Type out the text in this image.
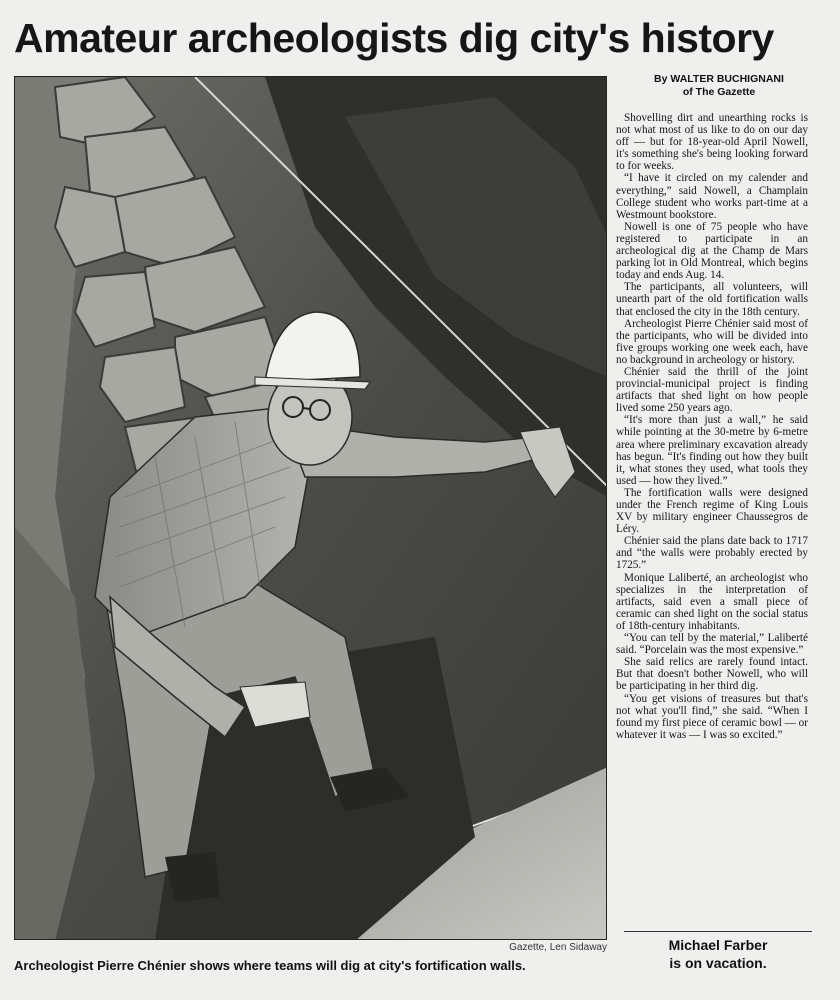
Amateur archeologists dig city's history
Gazette, Len Sidaway
Archeologist Pierre Chénier shows where teams will dig at city's fortification walls.
By WALTER BUCHIGNANI
of The Gazette

Shovelling dirt and unearthing rocks is not what most of us like to do on our day off — but for 18-year-old April Nowell, it's something she's being looking forward to for weeks.

“I have it circled on my calender and everything,” said Nowell, a Champlain College student who works part-time at a Westmount bookstore.

Nowell is one of 75 people who have registered to participate in an archeological dig at the Champ de Mars parking lot in Old Montreal, which begins today and ends Aug. 14.

The participants, all volunteers, will unearth part of the old fortification walls that enclosed the city in the 18th century.

Archeologist Pierre Chénier said most of the participants, who will be divided into five groups working one week each, have no background in archeology or history.

Chénier said the thrill of the joint provincial-municipal project is finding artifacts that shed light on how people lived some 250 years ago.

“It's more than just a wall,” he said while pointing at the 30-metre by 6-metre area where preliminary excavation already has begun. “It's finding out how they built it, what stones they used, what tools they used — how they lived.”

The fortification walls were designed under the French regime of King Louis XV by military engineer Chaussegros de Léry.

Chénier said the plans date back to 1717 and “the walls were probably erected by 1725.”

Monique Laliberté, an archeologist who specializes in the interpretation of artifacts, said even a small piece of ceramic can shed light on the social status of 18th-century inhabitants.

“You can tell by the material,” Laliberté said. “Porcelain was the most expensive.”

She said relics are rarely found intact. But that doesn't bother Nowell, who will be participating in her third dig.

“You get visions of treasures but that's not what you'll find,” she said. “When I found my first piece of ceramic bowl — or whatever it was — I was so excited.”

Michael Farber
is on vacation.
